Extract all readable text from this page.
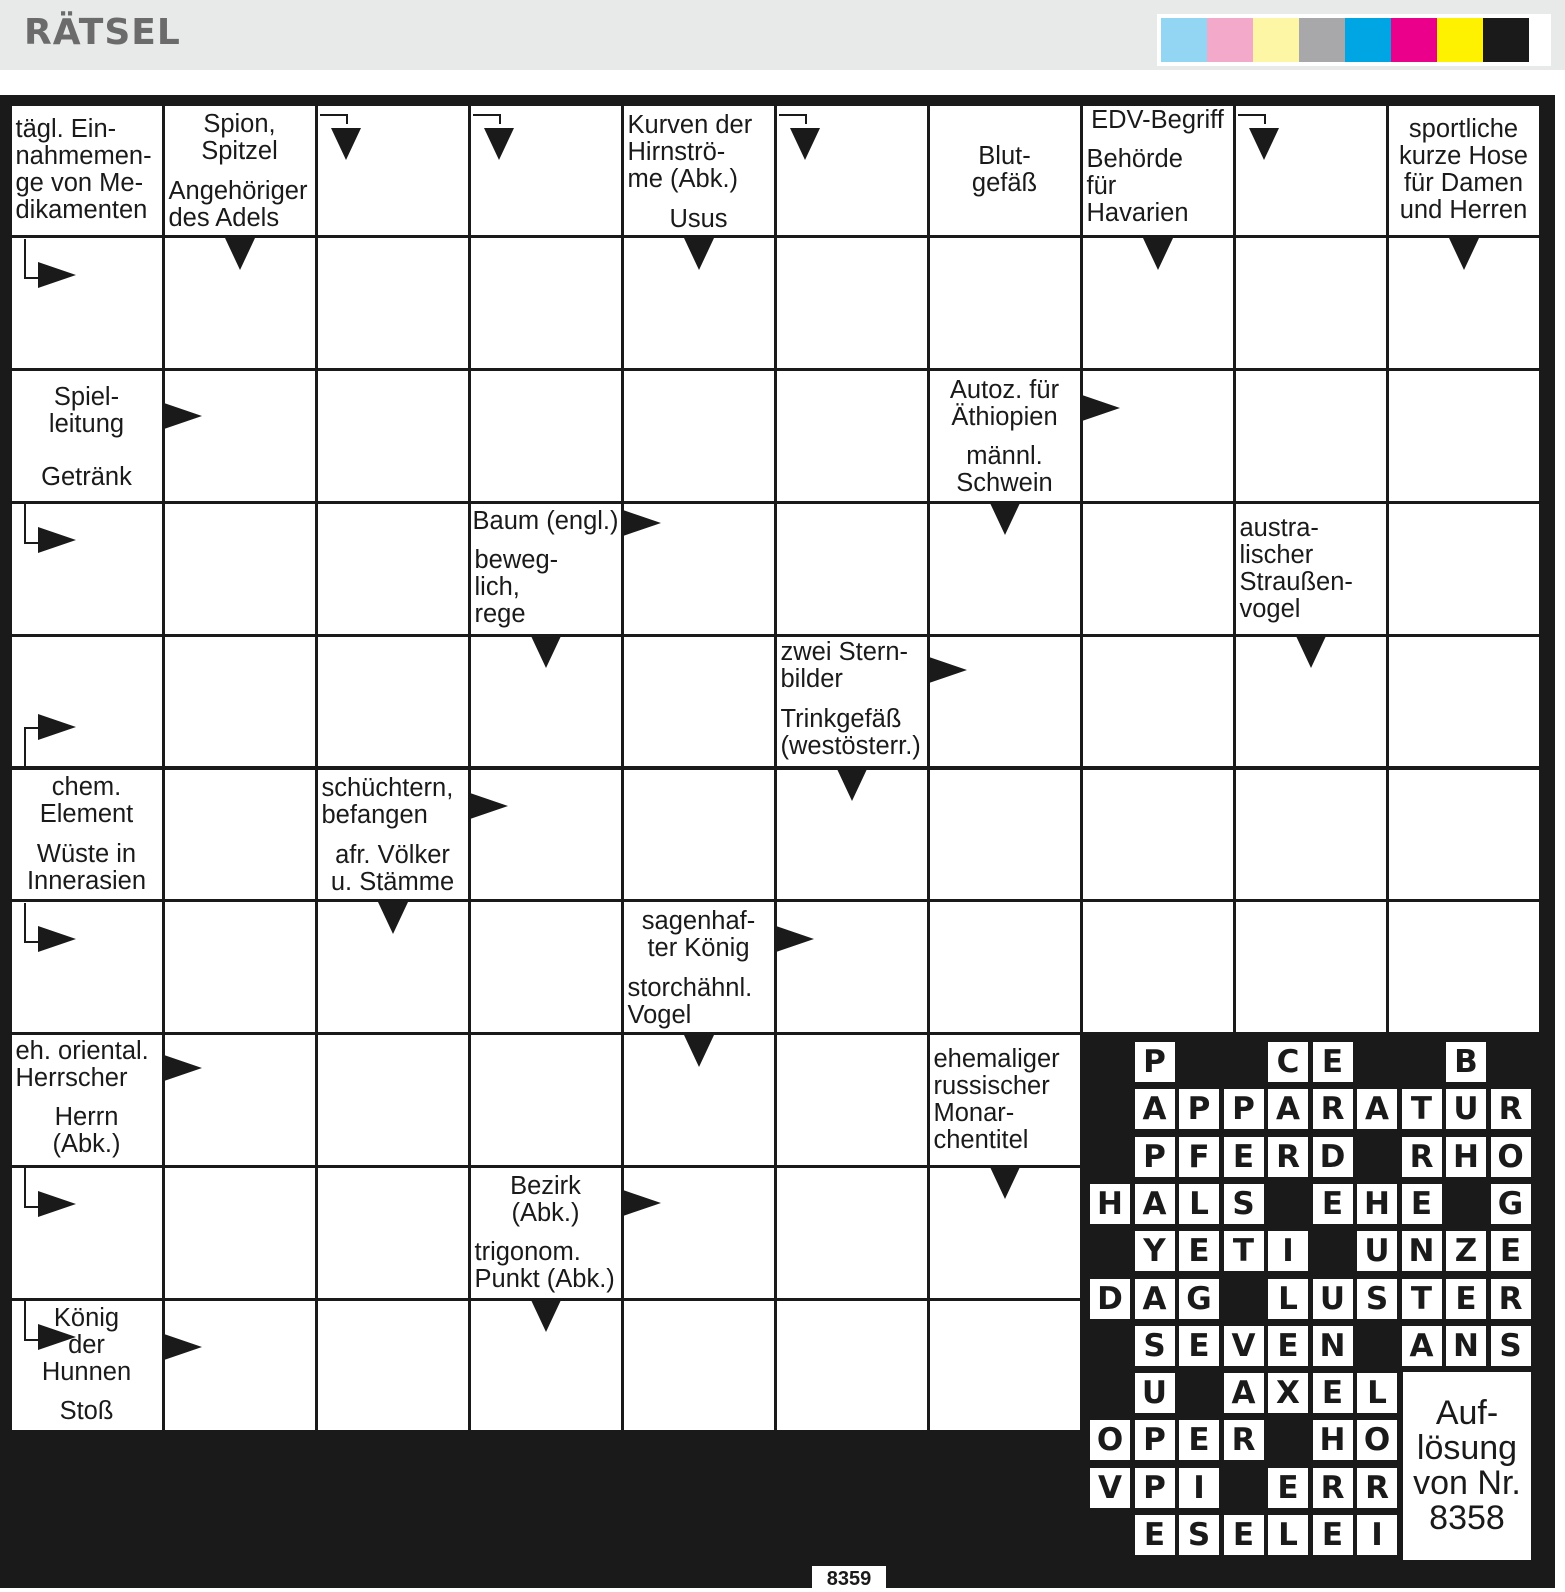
RÄTSEL
tägl. Ein-
nahmemen-
ge von Me-
dikamenten
Spion,
Spitzel
Angehöriger
des Adels
Kurven der
Hirnströ-
me (Abk.)
Usus
Blut-
gefäß
EDV-Begriff
Behörde
für
Havarien
sportliche
kurze Hose
für Damen
und Herren
Spiel-
leitung
Getränk
Autoz. für
Äthiopien
männl.
Schwein
Baum (engl.)
beweg-
lich,
rege
austra-
lischer
Straußen-
vogel
zwei Stern-
bilder
Trinkgefäß
(westösterr.)
chem.
Element
Wüste in
Innerasien
schüchtern,
befangen
afr. Völker
u. Stämme
sagenhaf-
ter König
storchähnl.
Vogel
eh. oriental.
Herrscher
Herrn
(Abk.)
ehemaliger
russischer
Monar-
chentitel
Bezirk
(Abk.)
trigonom.
Punkt (Abk.)
König
der
Hunnen
Stoß
8359
P	C E	B
A P P A R A T U R
P F E R D R H O
H A L S	E H E	G
Y E T I	U N Z E
D A G	L U S T E R
S E V E N A N S
U A X E L
O P E R H O
V P I	E R R
E S E L E I
Auf-
lösung
von Nr.
8358
